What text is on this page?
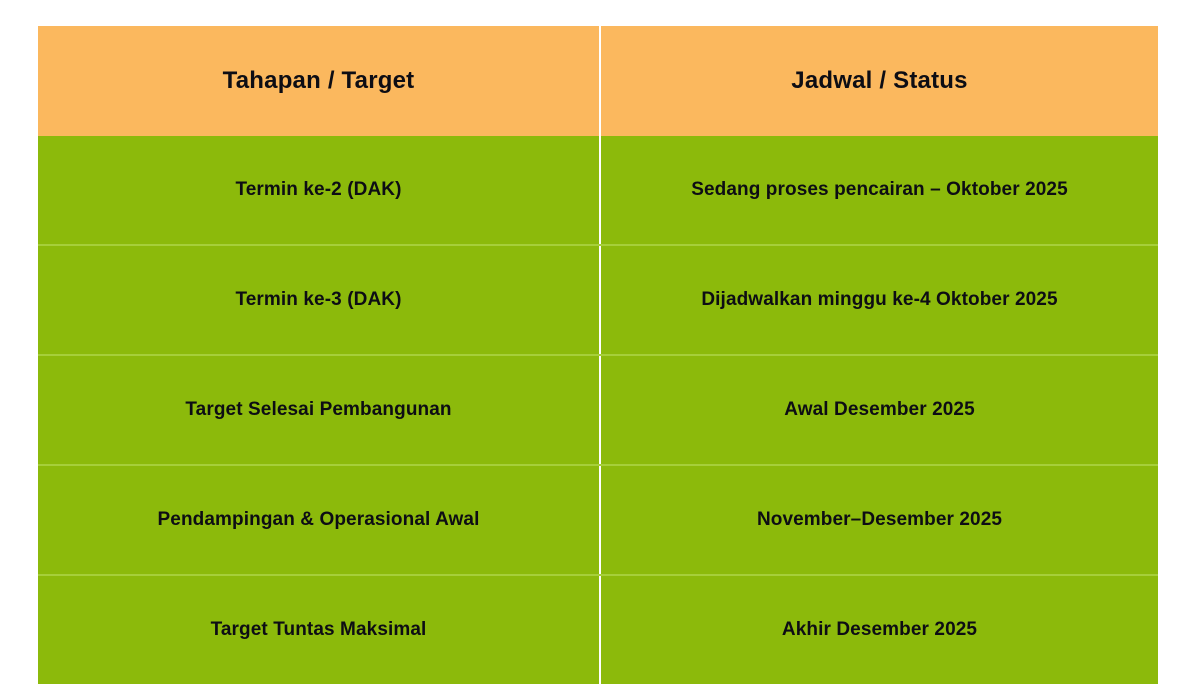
Tahapan / Target	Jadwal / Status
Termin ke-2 (DAK)	Sedang proses pencairan – Oktober 2025
Termin ke-3 (DAK)	Dijadwalkan minggu ke-4 Oktober 2025
Target Selesai Pembangunan	Awal Desember 2025
Pendampingan & Operasional Awal	November–Desember 2025
Target Tuntas Maksimal	Akhir Desember 2025
